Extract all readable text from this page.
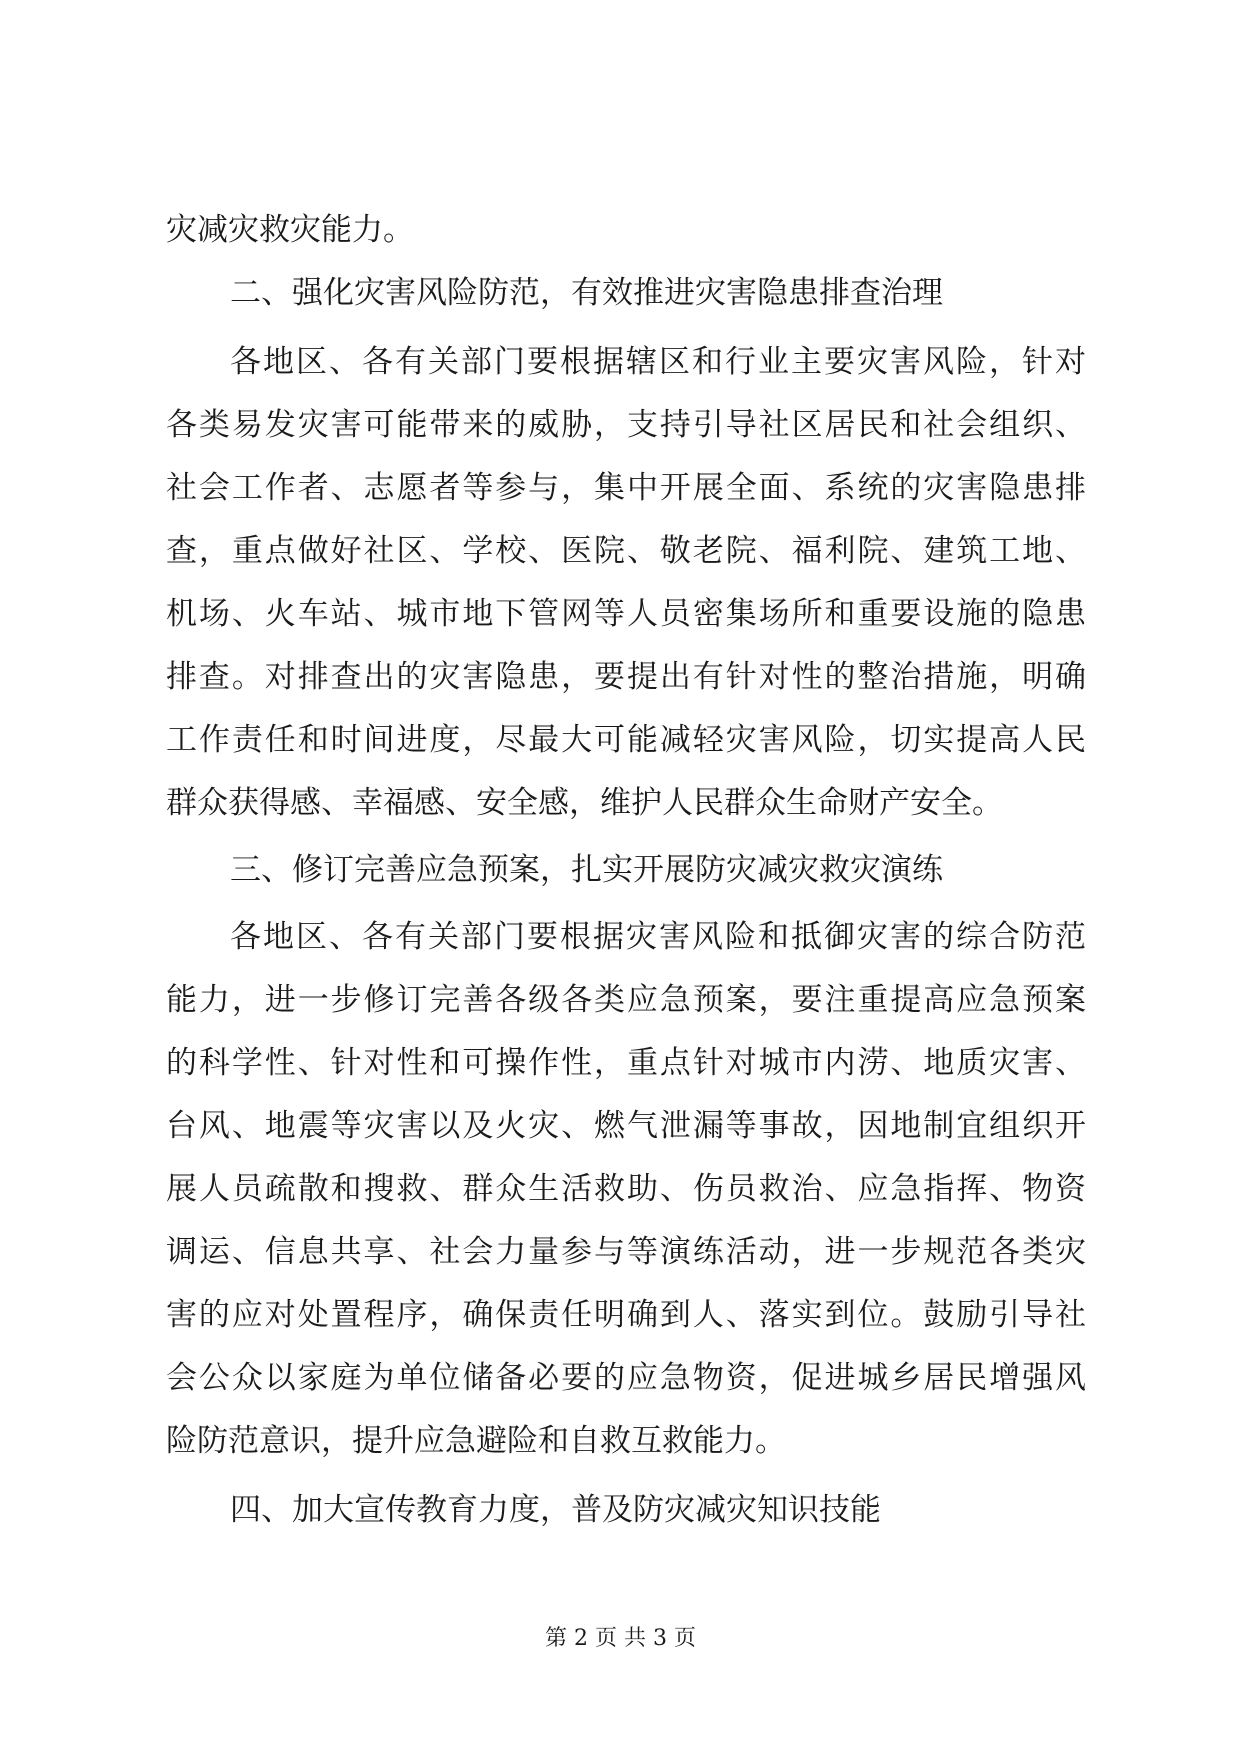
灾减灾救灾能力。
二、强化灾害风险防范，有效推进灾害隐患排查治理
各地区、各有关部门要根据辖区和行业主要灾害风险，针对
各类易发灾害可能带来的威胁，支持引导社区居民和社会组织、
社会工作者、志愿者等参与，集中开展全面、系统的灾害隐患排
查，重点做好社区、学校、医院、敬老院、福利院、建筑工地、
机场、火车站、城市地下管网等人员密集场所和重要设施的隐患
排查。对排查出的灾害隐患，要提出有针对性的整治措施，明确
工作责任和时间进度，尽最大可能减轻灾害风险，切实提高人民
群众获得感、幸福感、安全感，维护人民群众生命财产安全。
三、修订完善应急预案，扎实开展防灾减灾救灾演练
各地区、各有关部门要根据灾害风险和抵御灾害的综合防范
能力，进一步修订完善各级各类应急预案，要注重提高应急预案
的科学性、针对性和可操作性，重点针对城市内涝、地质灾害、
台风、地震等灾害以及火灾、燃气泄漏等事故，因地制宜组织开
展人员疏散和搜救、群众生活救助、伤员救治、应急指挥、物资
调运、信息共享、社会力量参与等演练活动，进一步规范各类灾
害的应对处置程序，确保责任明确到人、落实到位。鼓励引导社
会公众以家庭为单位储备必要的应急物资，促进城乡居民增强风
险防范意识，提升应急避险和自救互救能力。
四、加大宣传教育力度，普及防灾减灾知识技能
第 2 页 共 3 页
